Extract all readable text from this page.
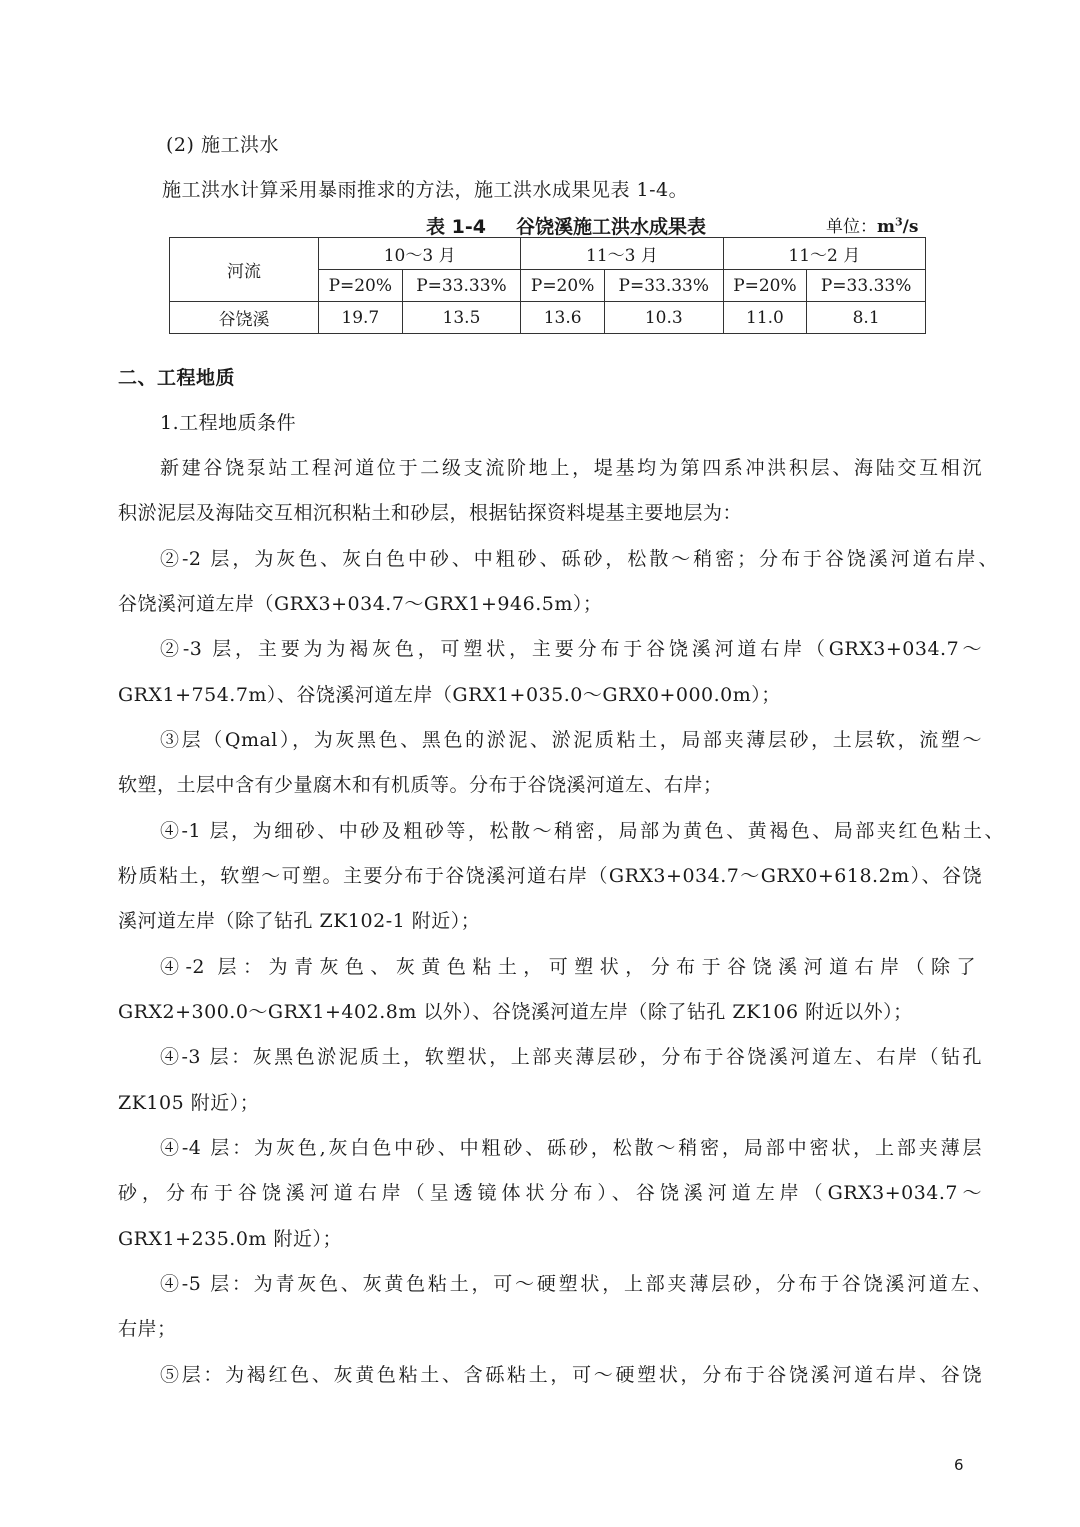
(2) 施工洪水
施工洪水计算采用暴雨推求的方法，施工洪水成果见表 1-4。
表 1-4 谷饶溪施工洪水成果表	单位：$m^3/s$
河流	10～3 月		11～3 月		11～2 月	
	P=20%	P=33.33%	P=20%	P=33.33%	P=20%	P=33.33%
谷饶溪	19.7	13.5	13.6	10.3	11.0	8.1
二、工程地质
1.工程地质条件
新建谷饶泵站工程河道位于二级支流阶地上，堤基均为第四系冲洪积层、海陆交互相沉
积淤泥层及海陆交互相沉积粘土和砂层，根据钻探资料堤基主要地层为：
②-2 层，为灰色、灰白色中砂、中粗砂、砾砂，松散～稍密；分布于谷饶溪河道右岸、
谷饶溪河道左岸（GRX3+034.7～GRX1+946.5m）；
②-3 层，主要为为褐灰色，可塑状，主要分布于谷饶溪河道右岸（GRX3+034.7～
GRX1+754.7m）、谷饶溪河道左岸（GRX1+035.0～GRX0+000.0m）；
③层（Qmal），为灰黑色、黑色的淤泥、淤泥质粘土，局部夹薄层砂，土层软，流塑～
软塑，土层中含有少量腐木和有机质等。分布于谷饶溪河道左、右岸；
④-1 层，为细砂、中砂及粗砂等，松散～稍密，局部为黄色、黄褐色、局部夹红色粘土、
粉质粘土，软塑～可塑。主要分布于谷饶溪河道右岸（GRX3+034.7～GRX0+618.2m）、谷饶
溪河道左岸（除了钻孔 ZK102-1 附近）；
④-2 层：为青灰色、灰黄色粘土，可塑状，分布于谷饶溪河道右岸（除了
GRX2+300.0～GRX1+402.8m 以外）、谷饶溪河道左岸（除了钻孔 ZK106 附近以外）；
④-3 层：灰黑色淤泥质土，软塑状，上部夹薄层砂，分布于谷饶溪河道左、右岸（钻孔
ZK105 附近）；
④-4 层：为灰色,灰白色中砂、中粗砂、砾砂，松散～稍密，局部中密状，上部夹薄层
砂，分布于谷饶溪河道右岸（呈透镜体状分布）、谷饶溪河道左岸（GRX3+034.7～
GRX1+235.0m 附近）；
④-5 层：为青灰色、灰黄色粘土，可～硬塑状，上部夹薄层砂，分布于谷饶溪河道左、
右岸；
⑤层：为褐红色、灰黄色粘土、含砾粘土，可～硬塑状，分布于谷饶溪河道右岸、谷饶
6
